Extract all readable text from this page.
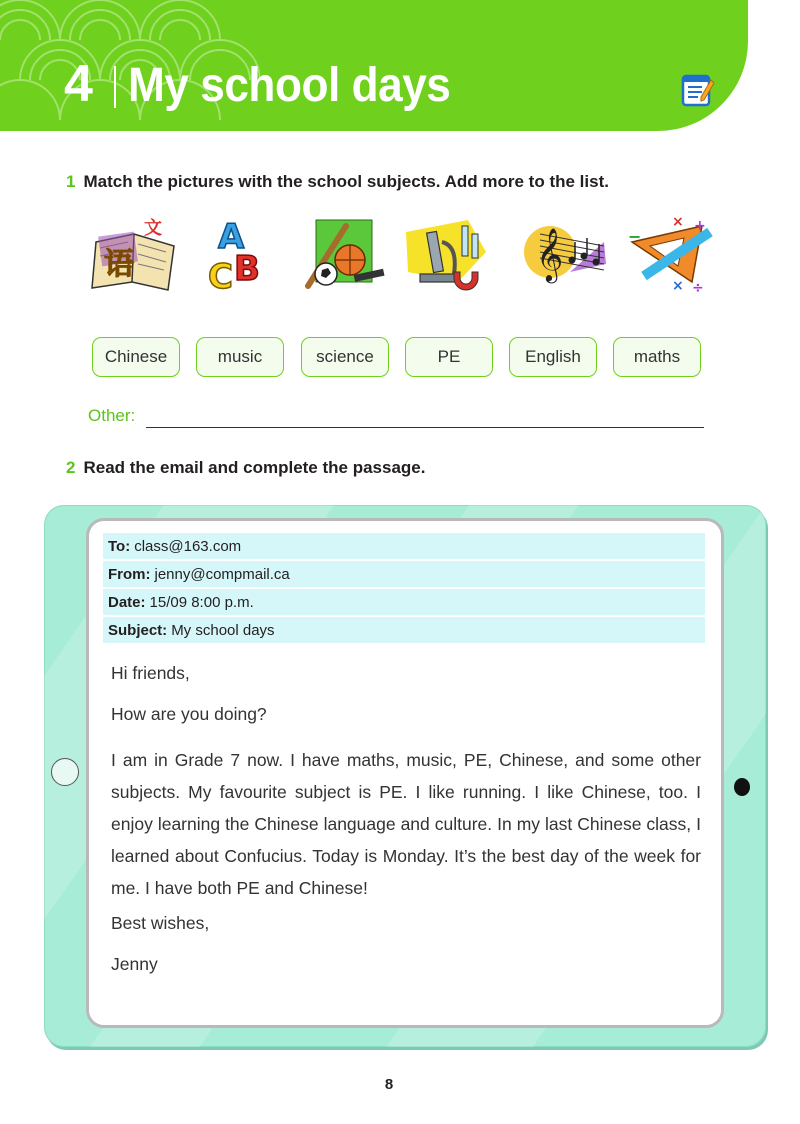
4 My school days
1 Match the pictures with the school subjects. Add more to the list.
语
文 A
C B	𝄞	−
× +
× ÷
Chinese	music	science	PE	English	maths
Other:
2 Read the email and complete the passage.
To: class@163.com
From: jenny@compmail.ca
Date: 15/09 8:00 p.m.
Subject: My school days
Hi friends,
How are you doing?
I am in Grade 7 now. I have maths, music, PE, Chinese, and some other subjects. My favourite subject is PE. I like running. I like Chinese, too. I enjoy learning the Chinese language and culture. In my last Chinese class, I learned about Confucius. Today is Monday. It’s the best day of the week for me. I have both PE and Chinese!
Best wishes,
Jenny
8
